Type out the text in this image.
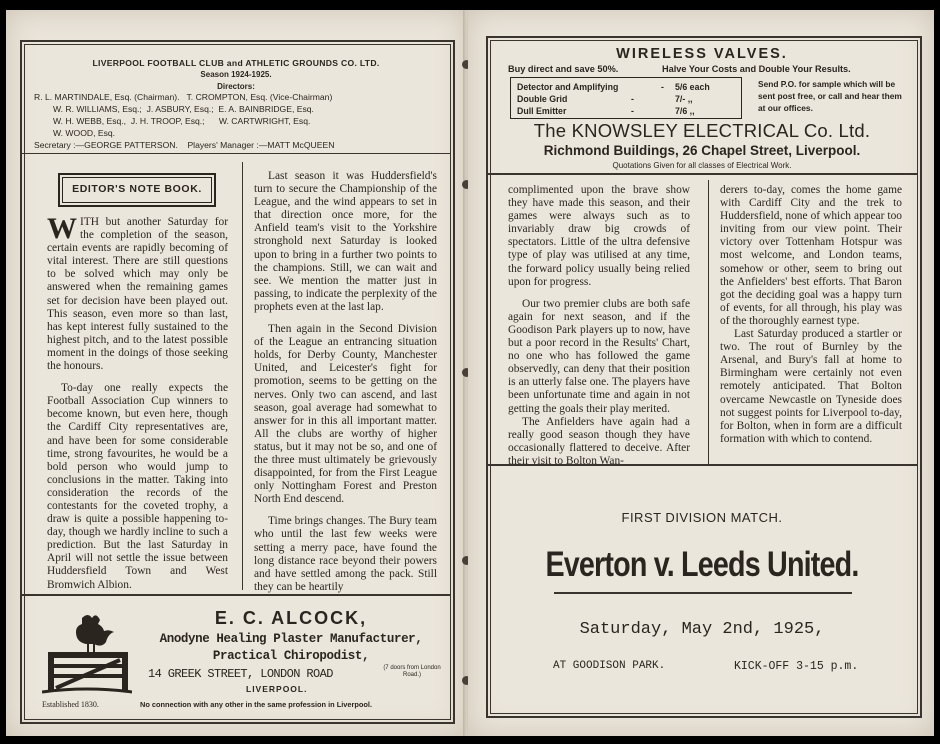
LIVERPOOL FOOTBALL CLUB and ATHLETIC GROUNDS CO. LTD.
Season 1924-1925.
Directors:
R. L. MARTINDALE, Esq. (Chairman).   T. CROMPTON, Esq. (Vice-Chairman)
W. R. WILLIAMS, Esq.;  J. ASBURY, Esq.;  E. A. BAINBRIDGE, Esq.
W. H. WEBB, Esq.,  J. H. TROOP, Esq.;      W. CARTWRIGHT, Esq.
W. WOOD, Esq.
Secretary :—GEORGE PATTERSON.    Players' Manager :—MATT McQUEEN
EDITOR'S NOTE BOOK.

WITH but another Saturday for the completion of the season, certain events are rapidly becoming of vital interest. There are still questions to be solved which may only be answered when the remaining games set for decision have been played out. This season, even more so than last, has kept interest fully sustained to the highest pitch, and to the latest possible moment in the doings of those seeking the honours.

To-day one really expects the Football Association Cup winners to become known, but even here, though the Cardiff City representatives are, and have been for some considerable time, strong favourites, he would be a bold person who would jump to conclusions in the matter. Taking into consideration the records of the contestants for the coveted trophy, a draw is quite a possible happening to-day, though we hardly incline to such a prediction. But the last Saturday in April will not settle the issue between Huddersfield Town and West Bromwich Albion.

Last season it was Huddersfield's turn to secure the Championship of the League, and the wind appears to set in that direction once more, for the Anfield team's visit to the Yorkshire stronghold next Saturday is looked upon to bring in a further two points to the champions. Still, we can wait and see. We mention the matter just in passing, to indicate the perplexity of the prophets even at the last lap.

Then again in the Second Division of the League an entrancing situation holds, for Derby County, Manchester United, and Leicester's fight for promotion, seems to be getting on the nerves. Only two can ascend, and last season, goal average had somewhat to answer for in this all important matter. All the clubs are worthy of higher status, but it may not be so, and one of the three must ultimately be grievously disappointed, for from the First League only Nottingham Forest and Preston North End descend.

Time brings changes. The Bury team who until the last few weeks were setting a merry pace, have found the long distance race beyond their powers and have settled among the pack. Still they can be heartily

E. C. ALCOCK,
Anodyne Healing Plaster Manufacturer,
Practical Chiropodist,
14 GREEK STREET, LONDON ROAD	(7 doors from London Road.)
LIVERPOOL.
Established 1830.	No connection with any other in the same profession in Liverpool.
WIRELESS VALVES.
Buy direct and save 50%.	Halve Your Costs and Double Your Results.
Detector and Amplifying	-	5/6 each
Double Grid	-	7/- ,,
Dull Emitter	-	7/6 ,,
Send P.O. for sample which will be sent post free, or call and hear them at our offices.
The KNOWSLEY ELECTRICAL Co. Ltd.
Richmond Buildings, 26 Chapel Street, Liverpool.
Quotations Given for all classes of Electrical Work.

complimented upon the brave show they have made this season, and their games were always such as to invariably draw big crowds of spectators. Little of the ultra defensive type of play was utilised at any time, the forward policy usually being relied upon for progress.

Our two premier clubs are both safe again for next season, and if the Goodison Park players up to now, have but a poor record in the Results' Chart, no one who has followed the game observedly, can deny that their position is an utterly false one. The players have been unfortunate time and again in not getting the goals their play merited.

The Anfielders have again had a really good season though they have occasionally flattered to deceive. After their visit to Bolton Wan-

derers to-day, comes the home game with Cardiff City and the trek to Huddersfield, none of which appear too inviting from our view point. Their victory over Tottenham Hotspur was most welcome, and London teams, somehow or other, seem to bring out the Anfielders' best efforts. That Baron got the deciding goal was a happy turn of events, for all through, his play was of the thoroughly earnest type.

Last Saturday produced a startler or two. The rout of Burnley by the Arsenal, and Bury's fall at home to Birmingham were certainly not even remotely anticipated. That Bolton overcame Newcastle on Tyneside does not suggest points for Liverpool to-day, for Bolton, when in form are a difficult formation with which to contend.

FIRST DIVISION MATCH.
Everton v. Leeds United.
Saturday, May 2nd, 1925,
AT GOODISON PARK.	KICK-OFF 3-15 p.m.
